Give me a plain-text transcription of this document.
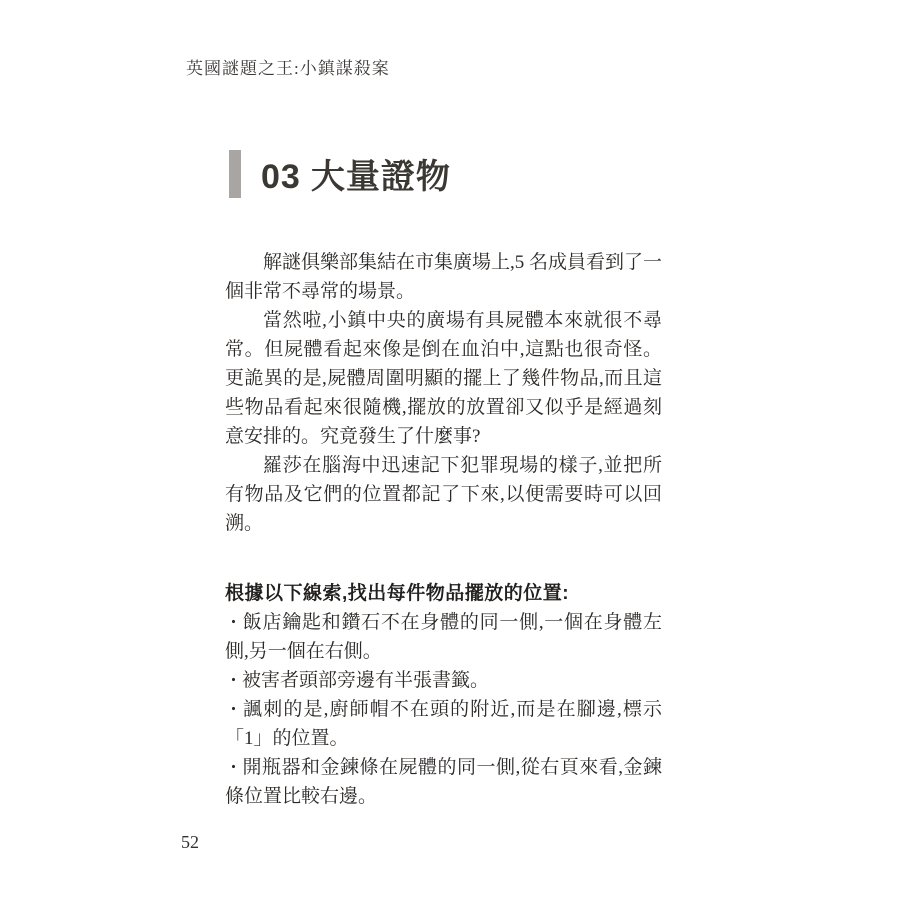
英國謎題之王:小鎮謀殺案
03 大量證物

解謎俱樂部集結在市集廣場上,5 名成員看到了一個非常不尋常的場景。

當然啦,小鎮中央的廣場有具屍體本來就很不尋常。但屍體看起來像是倒在血泊中,這點也很奇怪。更詭異的是,屍體周圍明顯的擺上了幾件物品,而且這些物品看起來很隨機,擺放的放置卻又似乎是經過刻意安排的。究竟發生了什麼事?

羅莎在腦海中迅速記下犯罪現場的樣子,並把所有物品及它們的位置都記了下來,以便需要時可以回溯。

根據以下線索,找出每件物品擺放的位置:

・飯店鑰匙和鑽石不在身體的同一側,一個在身體左側,另一個在右側。

・被害者頭部旁邊有半張書籤。

・諷刺的是,廚師帽不在頭的附近,而是在腳邊,標示「1」的位置。

・開瓶器和金鍊條在屍體的同一側,從右頁來看,金鍊條位置比較右邊。

52
